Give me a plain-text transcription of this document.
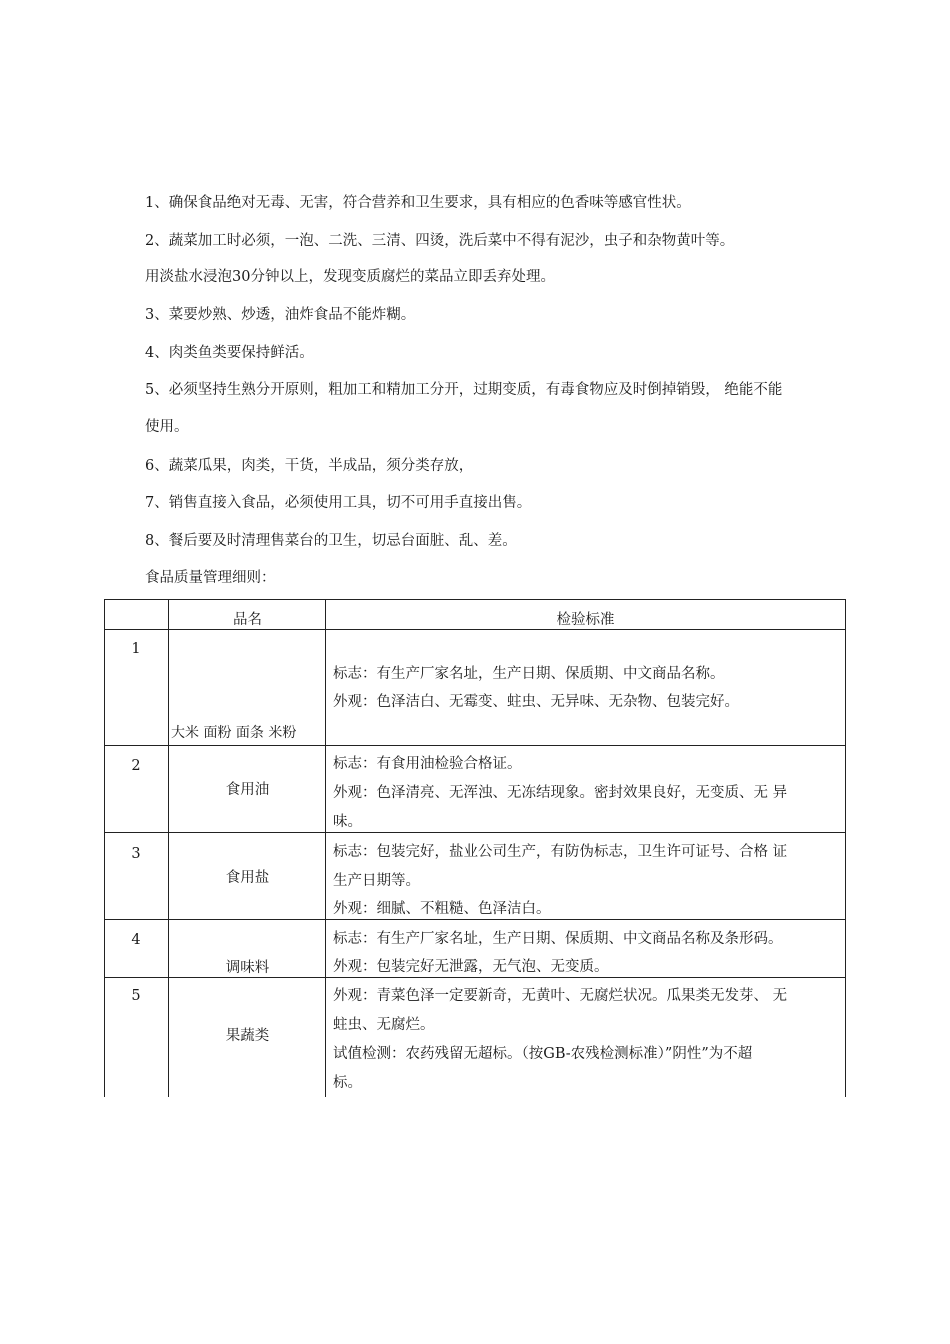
1、确保食品绝对无毒、无害，符合营养和卫生要求，具有相应的色香味等感官性状。

2、蔬菜加工时必须，一泡、二洗、三清、四烫，洗后菜中不得有泥沙，虫子和杂物黄叶等。

用淡盐水浸泡30分钟以上，发现变质腐烂的菜品立即丢弃处理。

3、菜要炒熟、炒透，油炸食品不能炸糊。

4、肉类鱼类要保持鲜活。

5、必须坚持生熟分开原则，粗加工和精加工分开，过期变质，有毒食物应及时倒掉销毁， 绝能不能

使用。

6、蔬菜瓜果，肉类，干货，半成品，须分类存放，

7、销售直接入食品，必须使用工具，切不可用手直接出售。

8、餐后要及时清理售菜台的卫生，切忌台面脏、乱、差。

食品质量管理细则：

品名	检验标准
1
大米 面粉 面条 米粉
标志：有生产厂家名址，生产日期、保质期、中文商品名称。
外观：色泽洁白、无霉变、蛀虫、无异味、无杂物、包装完好。
2
食用油
标志：有食用油检验合格证。
外观：色泽清亮、无浑浊、无冻结现象。密封效果良好，无变质、无 异
味。
3
食用盐
标志：包装完好，盐业公司生产，有防伪标志，卫生许可证号、合格 证
生产日期等。
外观：细腻、不粗糙、色泽洁白。
4
调味料
标志：有生产厂家名址，生产日期、保质期、中文商品名称及条形码。
外观：包装完好无泄露，无气泡、无变质。
5
果蔬类
外观：青菜色泽一定要新奇，无黄叶、无腐烂状况。瓜果类无发芽、 无
蛀虫、无腐烂。
试值检测：农药残留无超标。（按GB-农残检测标准）”阴性”为不超
标。
